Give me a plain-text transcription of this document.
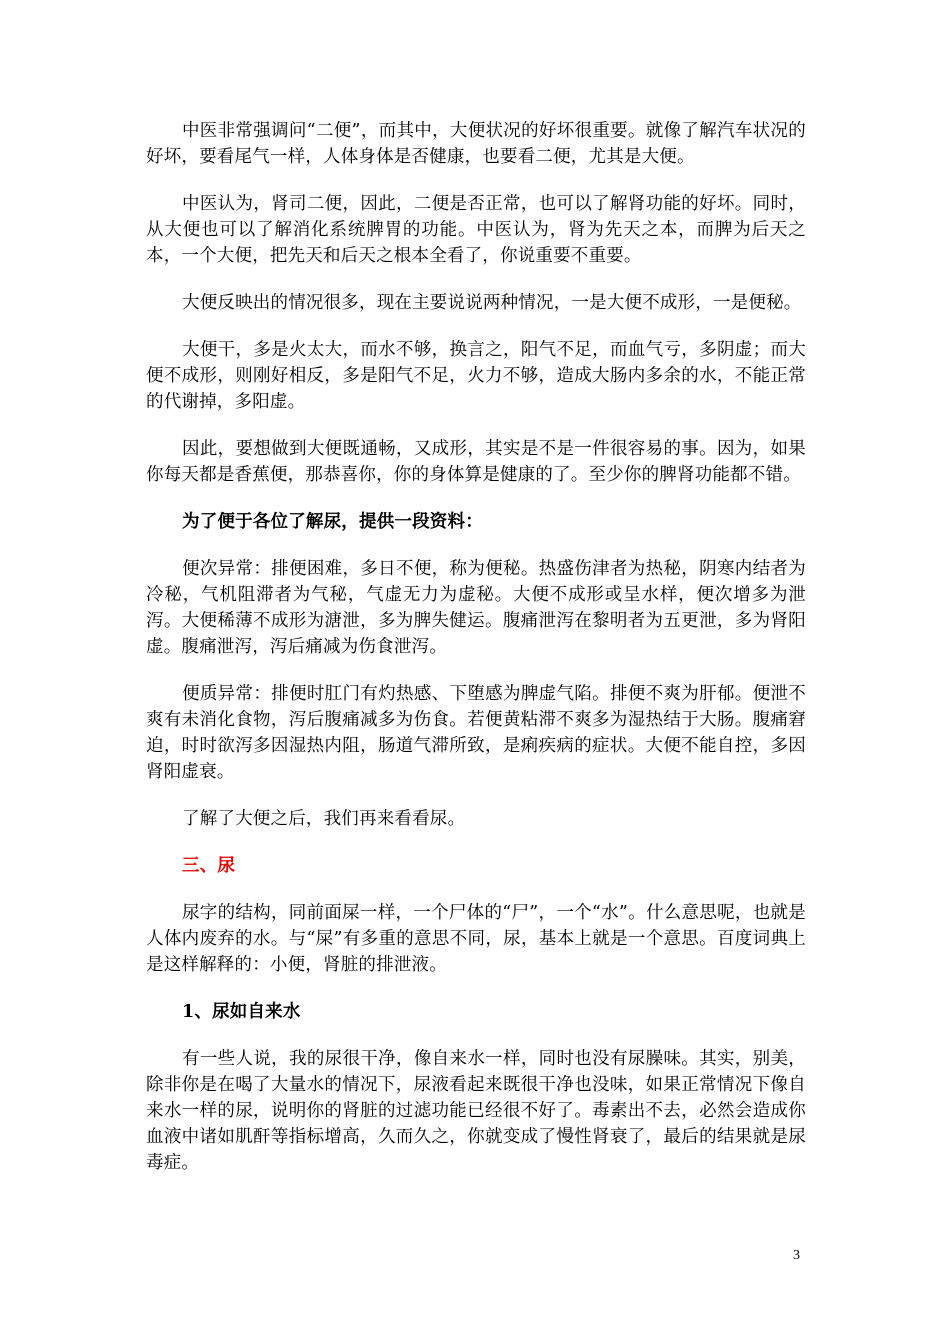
中医非常强调问“二便”，而其中，大便状况的好坏很重要。就像了解汽车状况的好坏，要看尾气一样，人体身体是否健康，也要看二便，尤其是大便。

中医认为，肾司二便，因此，二便是否正常，也可以了解肾功能的好坏。同时，从大便也可以了解消化系统脾胃的功能。中医认为，肾为先天之本，而脾为后天之本，一个大便，把先天和后天之根本全看了，你说重要不重要。

大便反映出的情况很多，现在主要说说两种情况，一是大便不成形，一是便秘。

大便干，多是火太大，而水不够，换言之，阳气不足，而血气亏，多阴虚；而大便不成形，则刚好相反，多是阳气不足，火力不够，造成大肠内多余的水，不能正常的代谢掉，多阳虚。

因此，要想做到大便既通畅，又成形，其实是不是一件很容易的事。因为，如果你每天都是香蕉便，那恭喜你，你的身体算是健康的了。至少你的脾肾功能都不错。

为了便于各位了解尿，提供一段资料：

便次异常：排便困难，多日不便，称为便秘。热盛伤津者为热秘，阴寒内结者为冷秘，气机阻滞者为气秘，气虚无力为虚秘。大便不成形或呈水样，便次增多为泄泻。大便稀薄不成形为溏泄，多为脾失健运。腹痛泄泻在黎明者为五更泄，多为肾阳虚。腹痛泄泻，泻后痛减为伤食泄泻。

便质异常：排便时肛门有灼热感、下堕感为脾虚气陷。排便不爽为肝郁。便泄不爽有未消化食物，泻后腹痛减多为伤食。若便黄粘滞不爽多为湿热结于大肠。腹痛窘迫，时时欲泻多因湿热内阻，肠道气滞所致，是痢疾病的症状。大便不能自控，多因肾阳虚衰。

了解了大便之后，我们再来看看尿。

三、尿

尿字的结构，同前面屎一样，一个尸体的“尸”，一个“水”。什么意思呢，也就是人体内废弃的水。与“屎”有多重的意思不同，尿，基本上就是一个意思。百度词典上是这样解释的：小便，肾脏的排泄液。

1、尿如自来水

有一些人说，我的尿很干净，像自来水一样，同时也没有尿臊味。其实，别美，除非你是在喝了大量水的情况下，尿液看起来既很干净也没味，如果正常情况下像自来水一样的尿，说明你的肾脏的过滤功能已经很不好了。毒素出不去，必然会造成你血液中诸如肌酐等指标增高，久而久之，你就变成了慢性肾衰了，最后的结果就是尿毒症。

3
